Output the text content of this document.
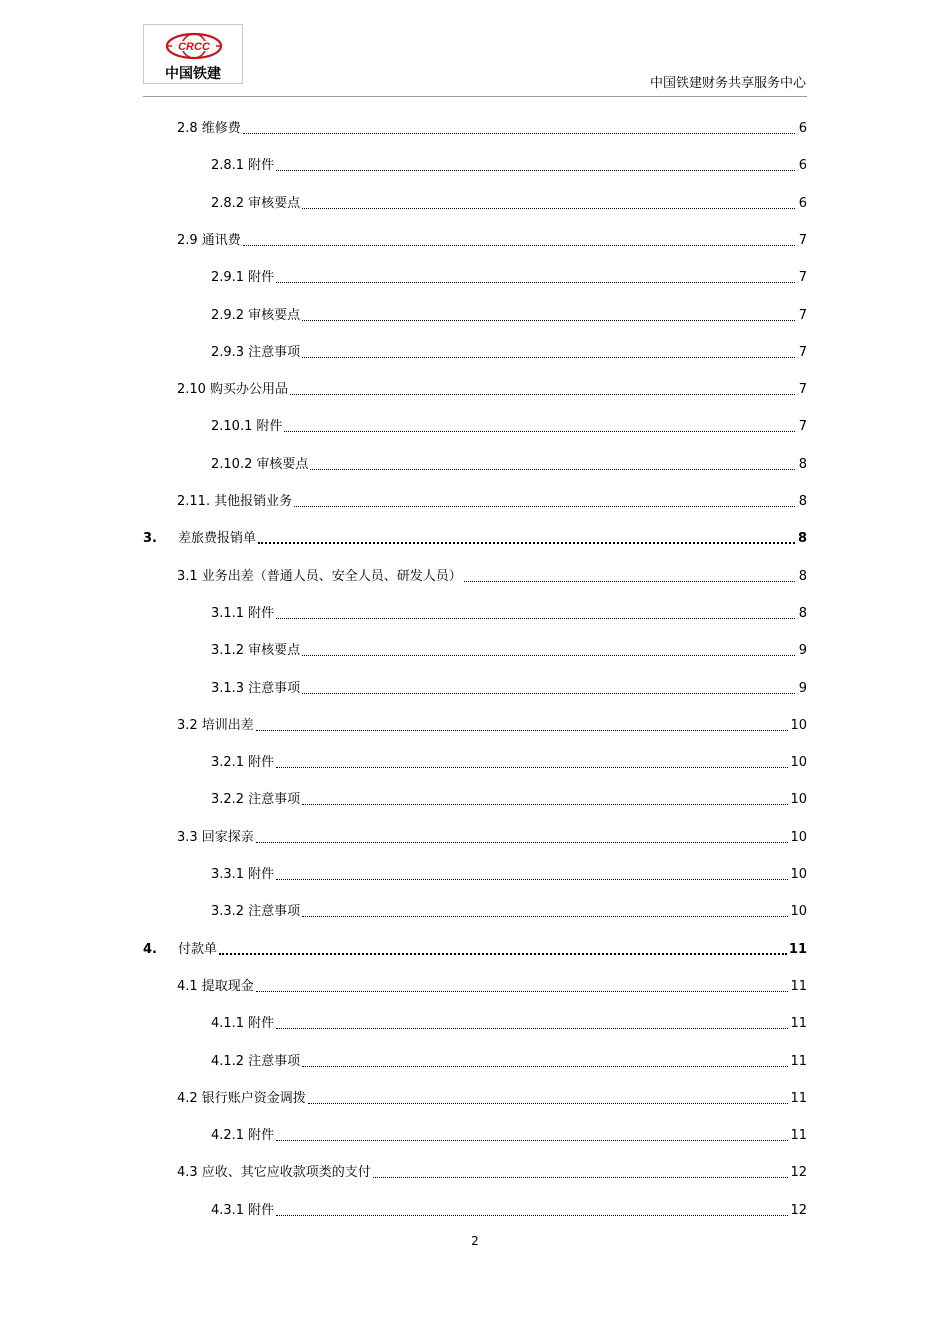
CRCC
中国铁建
中国铁建财务共享服务中心
2.8 维修费	6
2.8.1 附件	6
2.8.2 审核要点	6
2.9 通讯费	7
2.9.1 附件	7
2.9.2 审核要点	7
2.9.3 注意事项	7
2.10 购买办公用品	7
2.10.1 附件	7
2.10.2 审核要点	8
2.11. 其他报销业务	8
3.	差旅费报销单	8
3.1 业务出差（普通人员、安全人员、研发人员）	8
3.1.1 附件	8
3.1.2 审核要点	9
3.1.3 注意事项	9
3.2 培训出差	10
3.2.1 附件	10
3.2.2 注意事项	10
3.3 回家探亲	10
3.3.1 附件	10
3.3.2 注意事项	10
4.	付款单	11
4.1 提取现金	11
4.1.1 附件	11
4.1.2 注意事项	11
4.2 银行账户资金调拨	11
4.2.1 附件	11
4.3 应收、其它应收款项类的支付	12
4.3.1 附件	12
2
